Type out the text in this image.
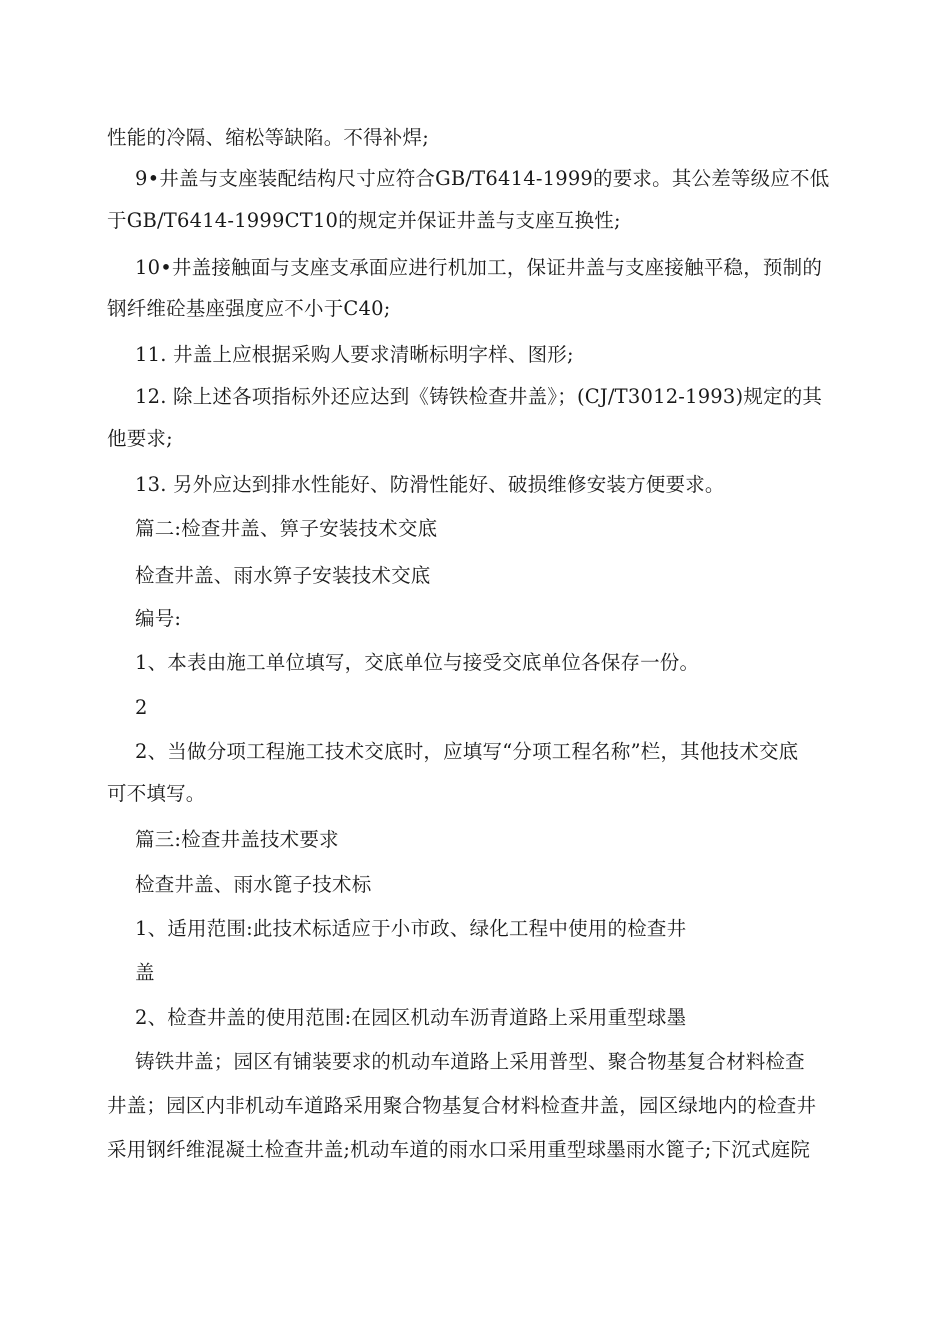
性能的冷隔、缩松等缺陷。不得补焊;
9•井盖与支座装配结构尺寸应符合GB/T6414-1999的要求。其公差等级应不低
于GB/T6414-1999CT10的规定并保证井盖与支座互换性;
10•井盖接触面与支座支承面应进行机加工，保证井盖与支座接触平稳，预制的
钢纤维砼基座强度应不小于C40;
11. 井盖上应根据采购人要求清晰标明字样、图形;
12. 除上述各项指标外还应达到《铸铁检查井盖》；(CJ/T3012-1993)规定的其
他要求;
13. 另外应达到排水性能好、防滑性能好、破损维修安装方便要求。
篇二:检查井盖、箅子安装技术交底
检查井盖、雨水箅子安装技术交底
编号:
1、本表由施工单位填写，交底单位与接受交底单位各保存一份。
2
2、当做分项工程施工技术交底时，应填写“分项工程名称”栏，其他技术交底
可不填写。
篇三:检查井盖技术要求
检查井盖、雨水篦子技术标
1、适用范围:此技术标适应于小市政、绿化工程中使用的检查井
盖
2、检查井盖的使用范围:在园区机动车沥青道路上采用重型球墨
铸铁井盖；园区有铺装要求的机动车道路上采用普型、聚合物基复合材料检查
井盖；园区内非机动车道路采用聚合物基复合材料检查井盖，园区绿地内的检查井
采用钢纤维混凝土检查井盖;机动车道的雨水口采用重型球墨雨水篦子;下沉式庭院
